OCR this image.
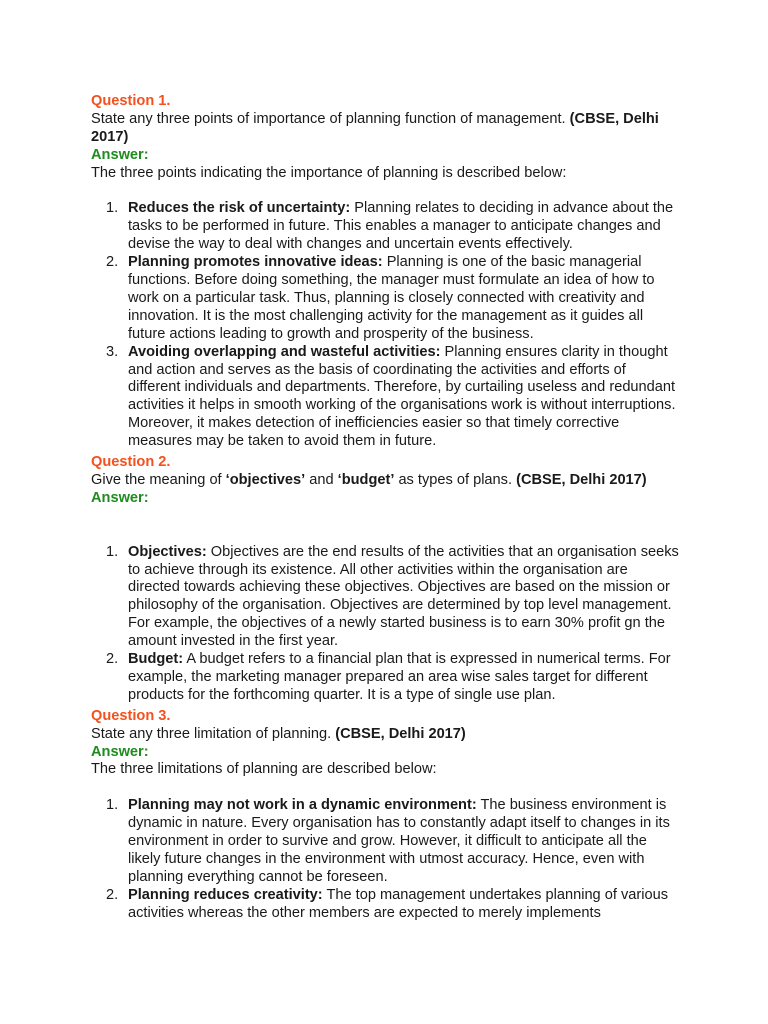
Question 1.

State any three points of importance of planning function of management. (CBSE, Delhi 2017)

Answer:

The three points indicating the importance of planning is described below:

1. Reduces the risk of uncertainty: Planning relates to deciding in advance about the tasks to be performed in future. This enables a manager to anticipate changes and devise the way to deal with changes and uncertain events effectively.
2. Planning promotes innovative ideas: Planning is one of the basic managerial functions. Before doing something, the manager must formulate an idea of how to work on a particular task. Thus, planning is closely connected with creativity and innovation. It is the most challenging activity for the management as it guides all future actions leading to growth and prosperity of the business.
3. Avoiding overlapping and wasteful activities: Planning ensures clarity in thought and action and serves as the basis of coordinating the activities and efforts of different individuals and departments. Therefore, by curtailing useless and redundant activities it helps in smooth working of the organisations work is without interruptions. Moreover, it makes detection of inefficiencies easier so that timely corrective measures may be taken to avoid them in future.

Question 2.

Give the meaning of ‘objectives’ and ‘budget’ as types of plans. (CBSE, Delhi 2017)

Answer:

1. Objectives: Objectives are the end results of the activities that an organisation seeks to achieve through its existence. All other activities within the organisation are directed towards achieving these objectives. Objectives are based on the mission or philosophy of the organisation. Objectives are determined by top level management. For example, the objectives of a newly started business is to earn 30% profit gn the amount invested in the first year.
2. Budget: A budget refers to a financial plan that is expressed in numerical terms. For example, the marketing manager prepared an area wise sales target for different products for the forthcoming quarter. It is a type of single use plan.

Question 3.

State any three limitation of planning. (CBSE, Delhi 2017)

Answer:

The three limitations of planning are described below:

1. Planning may not work in a dynamic environment: The business environment is dynamic in nature. Every organisation has to constantly adapt itself to changes in its environment in order to survive and grow. However, it difficult to anticipate all the likely future changes in the environment with utmost accuracy. Hence, even with planning everything cannot be foreseen.
2. Planning reduces creativity: The top management undertakes planning of various activities whereas the other members are expected to merely implements
